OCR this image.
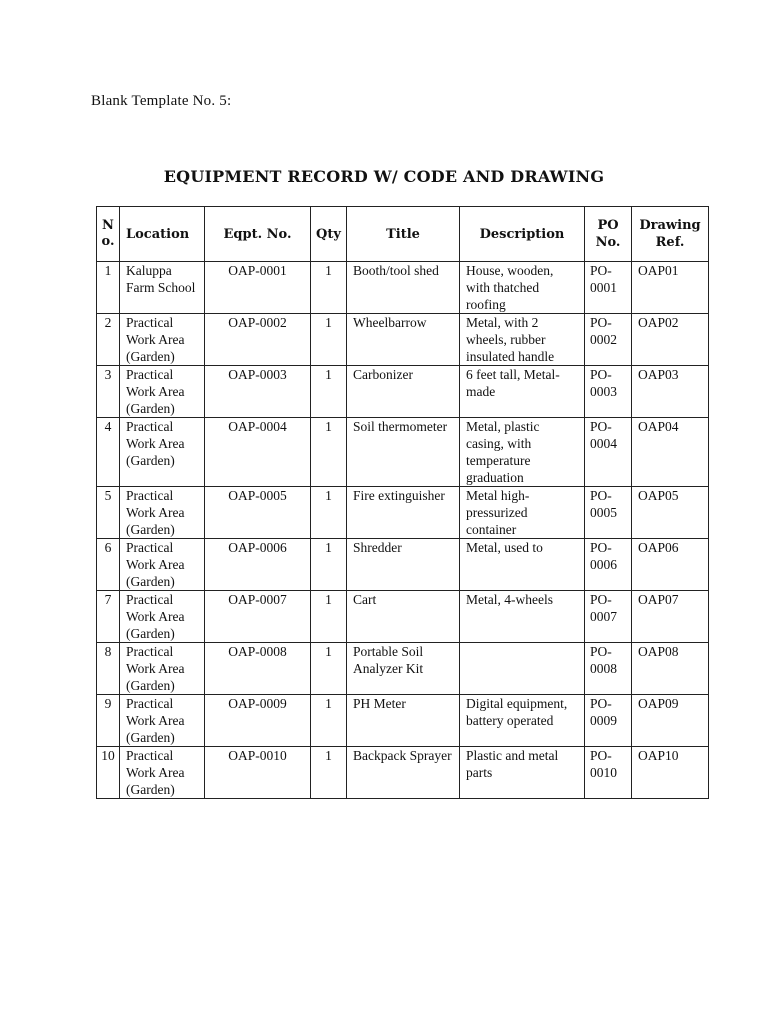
Blank Template No. 5:
EQUIPMENT RECORD W/ CODE AND DRAWING
No.	Location	Eqpt. No.	Qty	Title	Description	PO No.	Drawing Ref.
1	Kaluppa Farm School	OAP-0001	1	Booth/tool shed	House, wooden, with thatched roofing	PO-0001	OAP01
2	Practical Work Area (Garden)	OAP-0002	1	Wheelbarrow	Metal, with 2 wheels, rubber insulated handle	PO-0002	OAP02
3	Practical Work Area (Garden)	OAP-0003	1	Carbonizer	6 feet tall, Metal-made	PO-0003	OAP03
4	Practical Work Area (Garden)	OAP-0004	1	Soil thermometer	Metal, plastic casing, with temperature graduation	PO-0004	OAP04
5	Practical Work Area (Garden)	OAP-0005	1	Fire extinguisher	Metal high-pressurized container	PO-0005	OAP05
6	Practical Work Area (Garden)	OAP-0006	1	Shredder	Metal, used to	PO-0006	OAP06
7	Practical Work Area (Garden)	OAP-0007	1	Cart	Metal, 4-wheels	PO-0007	OAP07
8	Practical Work Area (Garden)	OAP-0008	1	Portable Soil Analyzer Kit		PO-0008	OAP08
9	Practical Work Area (Garden)	OAP-0009	1	PH Meter	Digital equipment, battery operated	PO-0009	OAP09
10	Practical Work Area (Garden)	OAP-0010	1	Backpack Sprayer	Plastic and metal parts	PO-0010	OAP10
